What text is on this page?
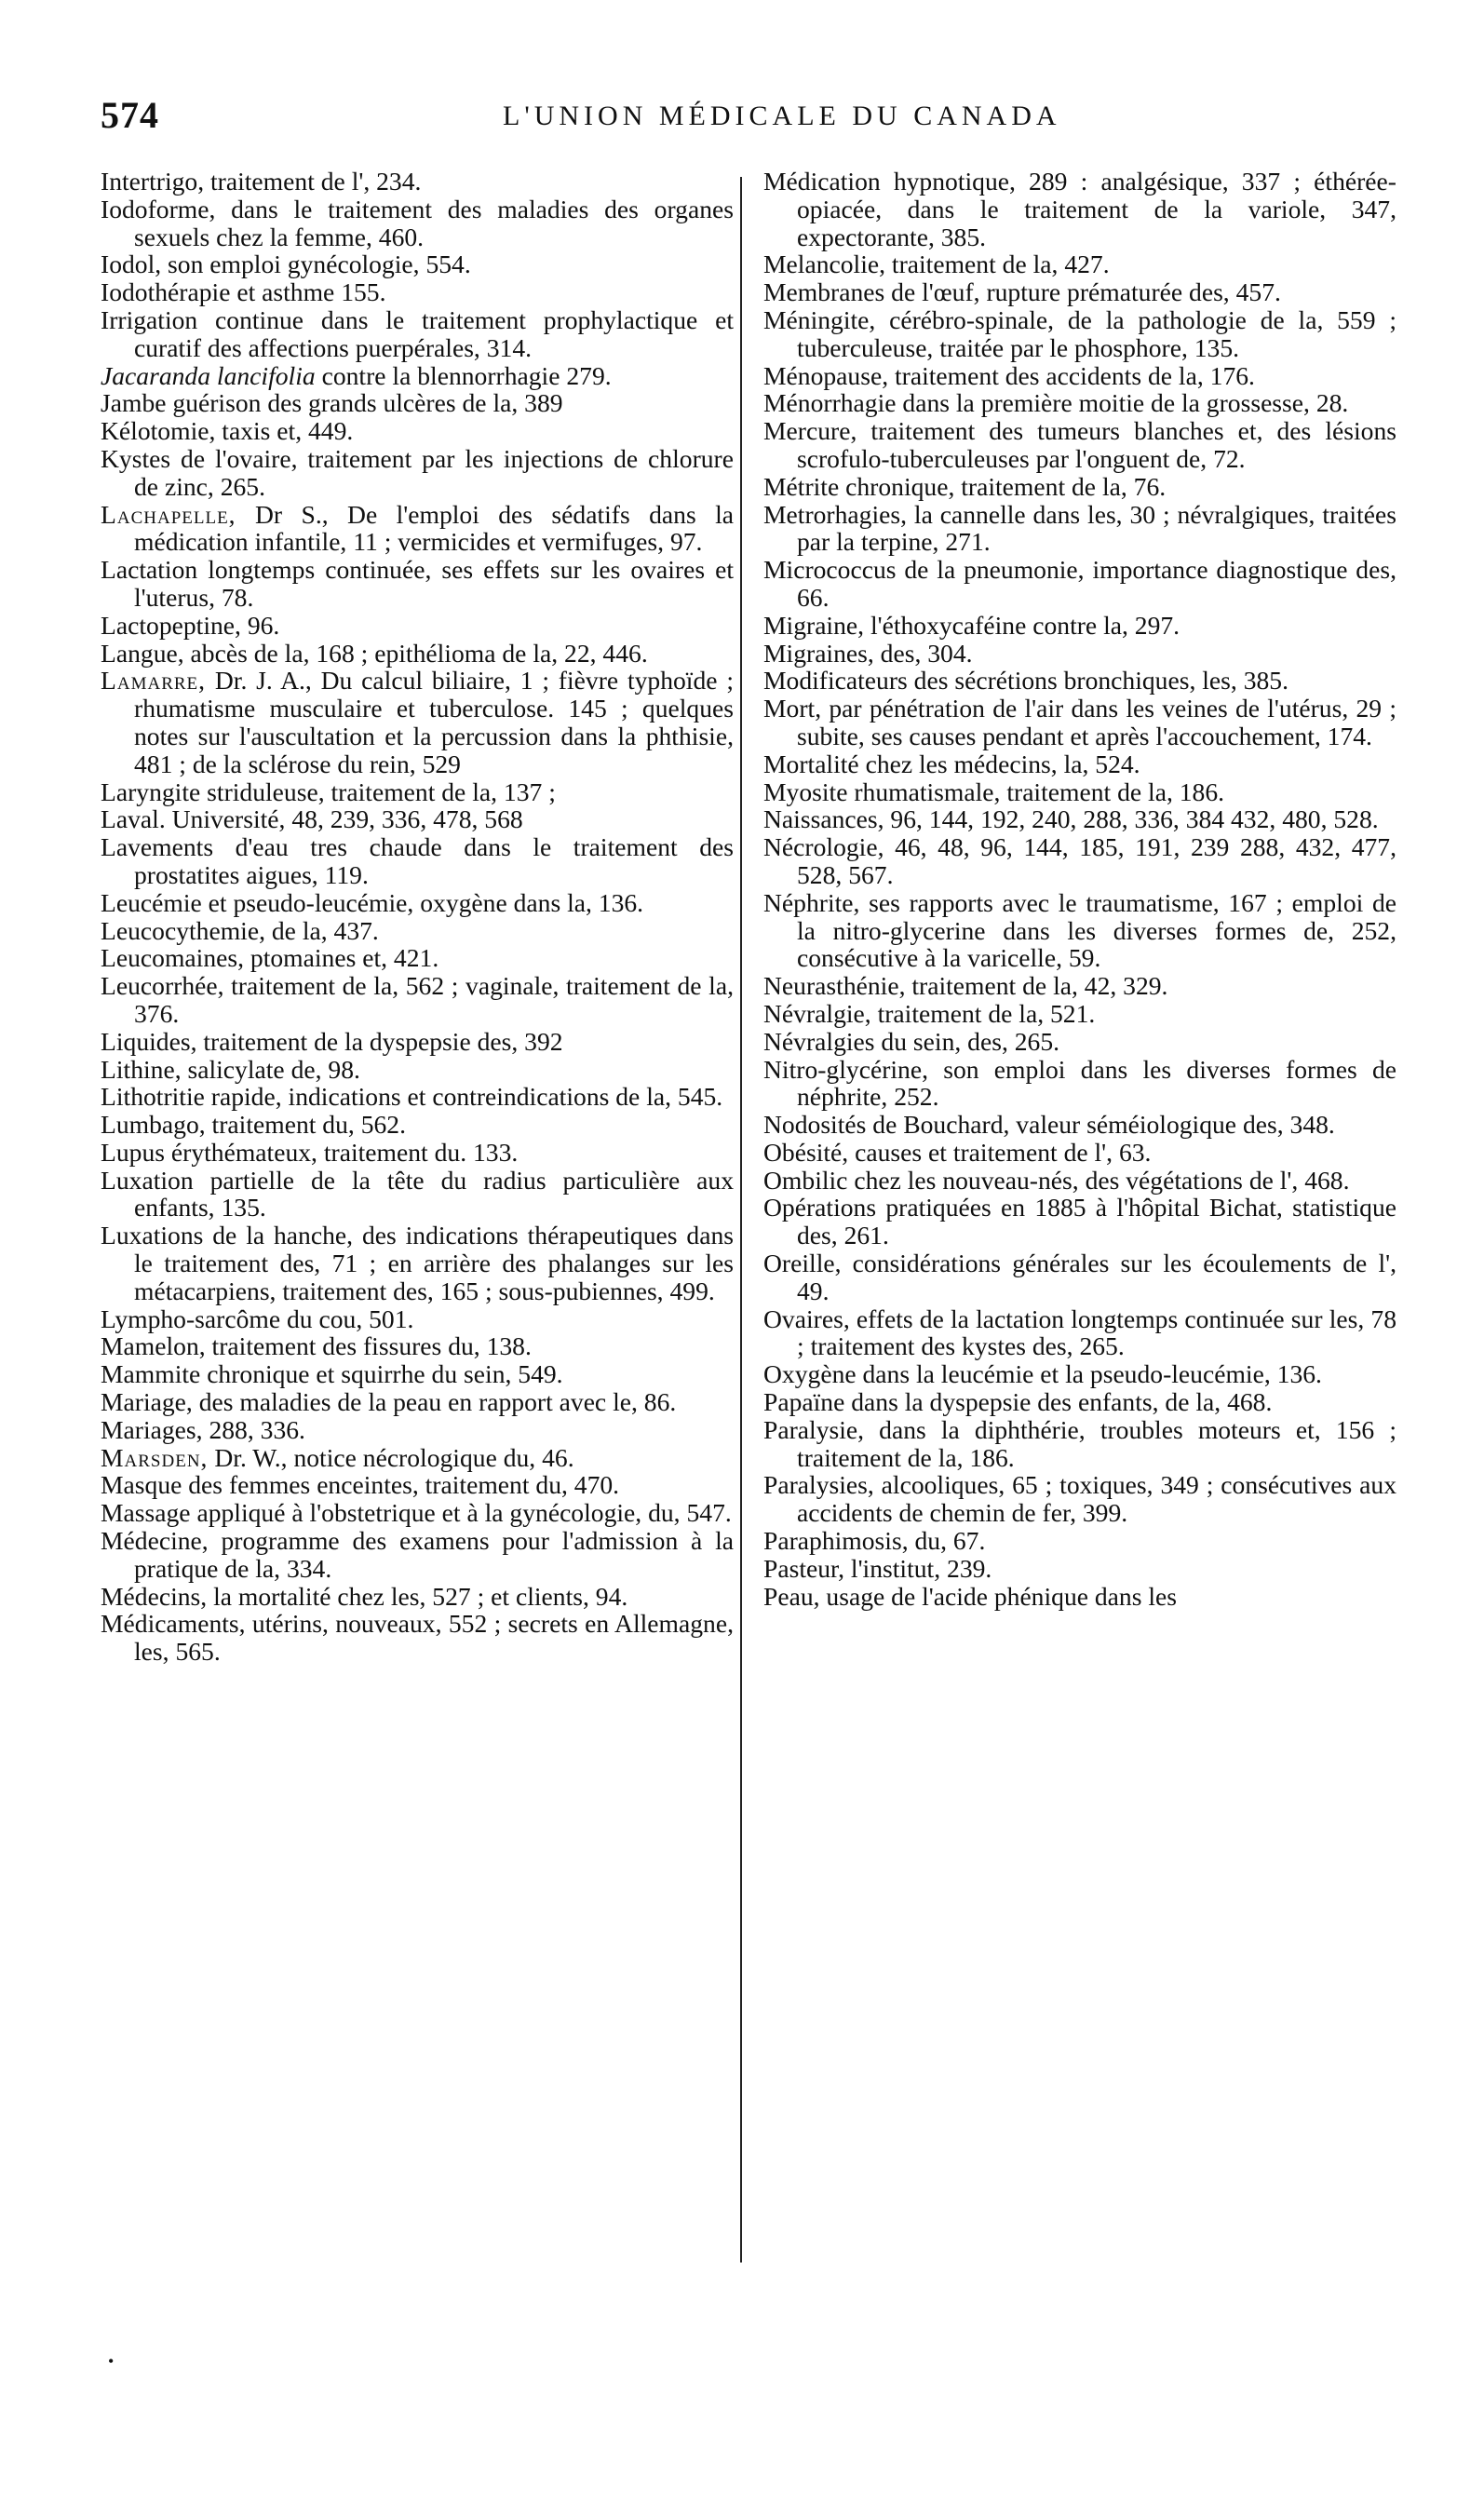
574	L'UNION MÉDICALE DU CANADA

Intertrigo, traitement de l', 234.

Iodoforme, dans le traitement des maladies des organes sexuels chez la femme, 460.

Iodol, son emploi gynécologie, 554.

Iodothérapie et asthme 155.

Irrigation continue dans le traitement prophylactique et curatif des affections puerpérales, 314.

Jacaranda lancifolia contre la blennorrhagie 279.

Jambe guérison des grands ulcères de la, 389

Kélotomie, taxis et, 449.

Kystes de l'ovaire, traitement par les injections de chlorure de zinc, 265.

Lachapelle, Dr S., De l'emploi des sédatifs dans la médication infantile, 11 ; vermicides et vermifuges, 97.

Lactation longtemps continuée, ses effets sur les ovaires et l'uterus, 78.

Lactopeptine, 96.

Langue, abcès de la, 168 ; epithélioma de la, 22, 446.

Lamarre, Dr. J. A., Du calcul biliaire, 1 ; fièvre typhoïde ; rhumatisme musculaire et tuberculose. 145 ; quelques notes sur l'auscultation et la percussion dans la phthisie, 481 ; de la sclérose du rein, 529

Laryngite striduleuse, traitement de la, 137 ;

Laval. Université, 48, 239, 336, 478, 568

Lavements d'eau tres chaude dans le traitement des prostatites aigues, 119.

Leucémie et pseudo-leucémie, oxygène dans la, 136.

Leucocythemie, de la, 437.

Leucomaines, ptomaines et, 421.

Leucorrhée, traitement de la, 562 ; vaginale, traitement de la, 376.

Liquides, traitement de la dyspepsie des, 392

Lithine, salicylate de, 98.

Lithotritie rapide, indications et contreindications de la, 545.

Lumbago, traitement du, 562.

Lupus érythémateux, traitement du. 133.

Luxation partielle de la tête du radius particulière aux enfants, 135.

Luxations de la hanche, des indications thérapeutiques dans le traitement des, 71 ; en arrière des phalanges sur les métacarpiens, traitement des, 165 ; sous-pubiennes, 499.

Lympho-sarcôme du cou, 501.

Mamelon, traitement des fissures du, 138.

Mammite chronique et squirrhe du sein, 549.

Mariage, des maladies de la peau en rapport avec le, 86.

Mariages, 288, 336.

Marsden, Dr. W., notice nécrologique du, 46.

Masque des femmes enceintes, traitement du, 470.

Massage appliqué à l'obstetrique et à la gynécologie, du, 547.

Médecine, programme des examens pour l'admission à la pratique de la, 334.

Médecins, la mortalité chez les, 527 ; et clients, 94.

Médicaments, utérins, nouveaux, 552 ; secrets en Allemagne, les, 565.

Médication hypnotique, 289 : analgésique, 337 ; éthérée-opiacée, dans le traitement de la variole, 347, expectorante, 385.

Melancolie, traitement de la, 427.

Membranes de l'œuf, rupture prématurée des, 457.

Méningite, cérébro-spinale, de la pathologie de la, 559 ; tuberculeuse, traitée par le phosphore, 135.

Ménopause, traitement des accidents de la, 176.

Ménorrhagie dans la première moitie de la grossesse, 28.

Mercure, traitement des tumeurs blanches et, des lésions scrofulo-tuberculeuses par l'onguent de, 72.

Métrite chronique, traitement de la, 76.

Metrorhagies, la cannelle dans les, 30 ; névralgiques, traitées par la terpine, 271.

Micrococcus de la pneumonie, importance diagnostique des, 66.

Migraine, l'éthoxycaféine contre la, 297.

Migraines, des, 304.

Modificateurs des sécrétions bronchiques, les, 385.

Mort, par pénétration de l'air dans les veines de l'utérus, 29 ; subite, ses causes pendant et après l'accouchement, 174.

Mortalité chez les médecins, la, 524.

Myosite rhumatismale, traitement de la, 186.

Naissances, 96, 144, 192, 240, 288, 336, 384 432, 480, 528.

Nécrologie, 46, 48, 96, 144, 185, 191, 239 288, 432, 477, 528, 567.

Néphrite, ses rapports avec le traumatisme, 167 ; emploi de la nitro-glycerine dans les diverses formes de, 252, consécutive à la varicelle, 59.

Neurasthénie, traitement de la, 42, 329.

Névralgie, traitement de la, 521.

Névralgies du sein, des, 265.

Nitro-glycérine, son emploi dans les diverses formes de néphrite, 252.

Nodosités de Bouchard, valeur séméiologique des, 348.

Obésité, causes et traitement de l', 63.

Ombilic chez les nouveau-nés, des végétations de l', 468.

Opérations pratiquées en 1885 à l'hôpital Bichat, statistique des, 261.

Oreille, considérations générales sur les écoulements de l', 49.

Ovaires, effets de la lactation longtemps continuée sur les, 78 ; traitement des kystes des, 265.

Oxygène dans la leucémie et la pseudo-leucémie, 136.

Papaïne dans la dyspepsie des enfants, de la, 468.

Paralysie, dans la diphthérie, troubles moteurs et, 156 ; traitement de la, 186.

Paralysies, alcooliques, 65 ; toxiques, 349 ; consécutives aux accidents de chemin de fer, 399.

Paraphimosis, du, 67.

Pasteur, l'institut, 239.

Peau, usage de l'acide phénique dans les

•
